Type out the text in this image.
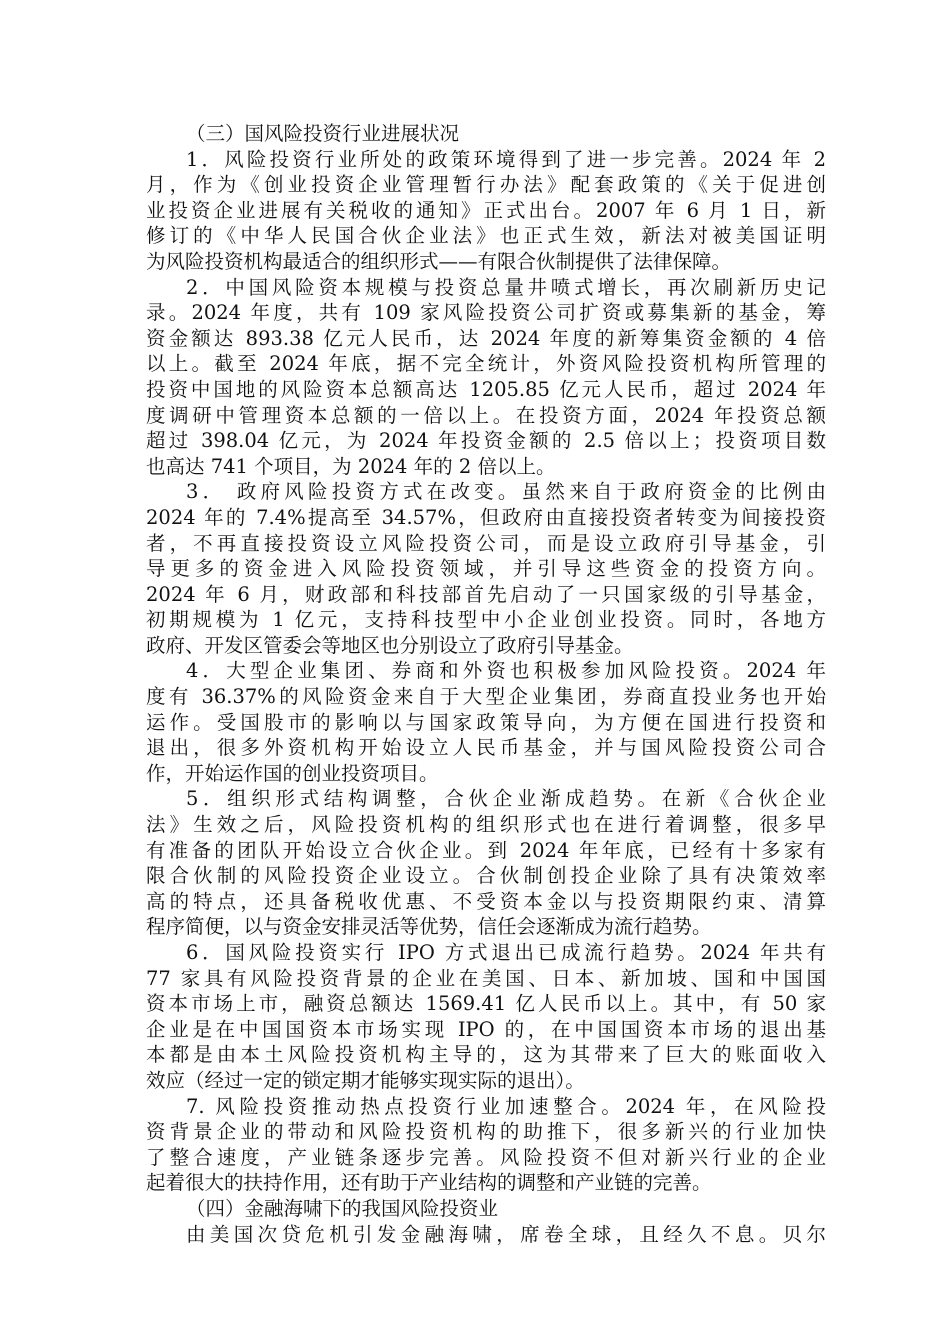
（三）国风险投资行业进展状况
1．风险投资行业所处的政策环境得到了进一步完善。2024 年 2
月，作为《创业投资企业管理暂行办法》配套政策的《关于促进创
业投资企业进展有关税收的通知》正式出台。2007 年 6 月 1 日，新
修订的《中华人民国合伙企业法》也正式生效，新法对被美国证明
为风险投资机构最适合的组织形式——有限合伙制提供了法律保障。
2．中国风险资本规模与投资总量井喷式增长，再次刷新历史记
录。2024 年度，共有 109 家风险投资公司扩资或募集新的基金，筹
资金额达 893.38 亿元人民币，达 2024 年度的新筹集资金额的 4 倍
以上。截至 2024 年底，据不完全统计，外资风险投资机构所管理的
投资中国地的风险资本总额高达 1205.85 亿元人民币，超过 2024 年
度调研中管理资本总额的一倍以上。在投资方面，2024 年投资总额
超过 398.04 亿元，为 2024 年投资金额的 2.5 倍以上；投资项目数
也高达 741 个项目，为 2024 年的 2 倍以上。
3． 政府风险投资方式在改变。虽然来自于政府资金的比例由
2024 年的 7.4%提高至 34.57%，但政府由直接投资者转变为间接投资
者，不再直接投资设立风险投资公司，而是设立政府引导基金，引
导更多的资金进入风险投资领域，并引导这些资金的投资方向。
2024 年 6 月，财政部和科技部首先启动了一只国家级的引导基金，
初期规模为 1 亿元，支持科技型中小企业创业投资。同时，各地方
政府、开发区管委会等地区也分别设立了政府引导基金。
4．大型企业集团、券商和外资也积极参加风险投资。2024 年
度有 36.37%的风险资金来自于大型企业集团，券商直投业务也开始
运作。受国股市的影响以与国家政策导向，为方便在国进行投资和
退出，很多外资机构开始设立人民币基金，并与国风险投资公司合
作，开始运作国的创业投资项目。
5．组织形式结构调整，合伙企业渐成趋势。在新《合伙企业
法》生效之后，风险投资机构的组织形式也在进行着调整，很多早
有准备的团队开始设立合伙企业。到 2024 年年底，已经有十多家有
限合伙制的风险投资企业设立。合伙制创投企业除了具有决策效率
高的特点，还具备税收优惠、不受资本金以与投资期限约束、清算
程序简便，以与资金安排灵活等优势，信任会逐渐成为流行趋势。
6．国风险投资实行 IPO 方式退出已成流行趋势。2024 年共有
77 家具有风险投资背景的企业在美国、日本、新加坡、国和中国国
资本市场上市，融资总额达 1569.41 亿人民币以上。其中，有 50 家
企业是在中国国资本市场实现 IPO 的，在中国国资本市场的退出基
本都是由本土风险投资机构主导的，这为其带来了巨大的账面收入
效应（经过一定的锁定期才能够实现实际的退出）。
7. 风险投资推动热点投资行业加速整合。2024 年，在风险投
资背景企业的带动和风险投资机构的助推下，很多新兴的行业加快
了整合速度，产业链条逐步完善。风险投资不但对新兴行业的企业
起着很大的扶持作用，还有助于产业结构的调整和产业链的完善。
（四）金融海啸下的我国风险投资业
由美国次贷危机引发金融海啸，席卷全球，且经久不息。贝尔
